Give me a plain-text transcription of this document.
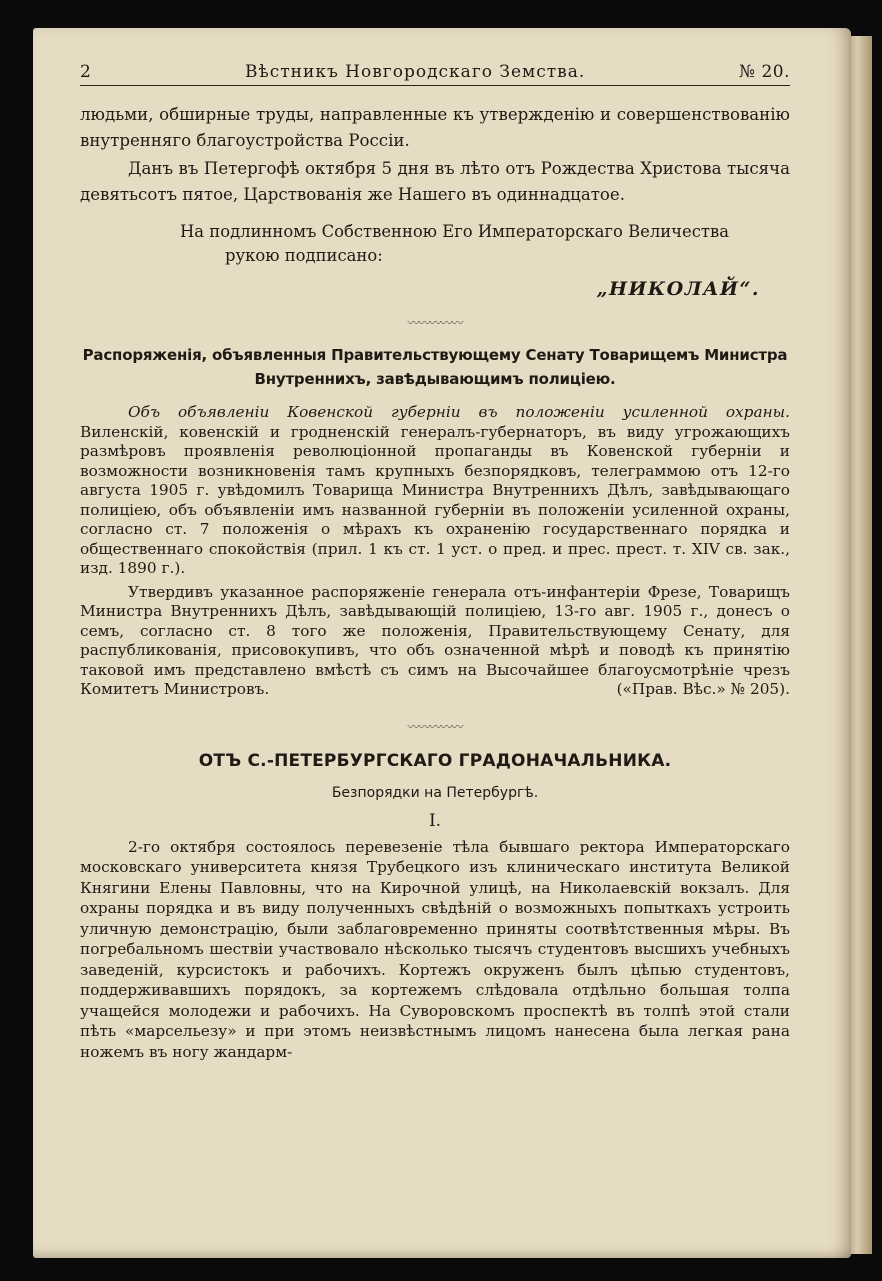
2	Вѣстникъ Новгородскаго Земства.	№ 20.
людьми, обширные труды, направленные къ утвержденію и совершенствованію внутренняго благоустройства Россіи.
Данъ въ Петергофѣ октября 5 дня въ лѣто отъ Рождества Христова тысяча девятьсотъ пятое, Царствованія же Нашего въ одиннадцатое.
На подлинномъ Собственною Его Императорскаго Величества
рукою подписано:
„НИКОЛАЙ“.
〰〰〰〰〰
Распоряженія, объявленныя Правительствующему Сенату Товарищемъ Министра Внутреннихъ, завѣдывающимъ полиціею.

Объ объявленіи Ковенской губерніи въ положеніи усиленной охраны. Виленскій, ковенскій и гродненскій генералъ-губернаторъ, въ виду угрожающихъ размѣровъ проявленія революціонной пропаганды въ Ковенской губерніи и возможности возникновенія тамъ крупныхъ безпорядковъ, телеграммою отъ 12-го августа 1905 г. увѣдомилъ Товарища Министра Внутреннихъ Дѣлъ, завѣдывающаго полиціею, объ объявленіи имъ названной губерніи въ положеніи усиленной охраны, согласно ст. 7 положенія о мѣрахъ къ охраненію государственнаго порядка и общественнаго спокойствія (прил. 1 къ ст. 1 уст. о пред. и прес. прест. т. XIV св. зак., изд. 1890 г.).

Утвердивъ указанное распоряженіе генерала отъ-инфантеріи Фрезе, Товарищъ Министра Внутреннихъ Дѣлъ, завѣдывающій полиціею, 13-го авг. 1905 г., донесъ о семъ, согласно ст. 8 того же положенія, Правительствующему Сенату, для распубликованія, присовокупивъ, что объ означенной мѣрѣ и поводѣ къ принятію таковой имъ представлено вмѣстѣ съ симъ на Высочайшее благоусмотрѣніе чрезъ Комитетъ Министровъ.	(«Прав. Вѣс.» № 205).

〰〰〰〰〰
ОТЪ С.-ПЕТЕРБУРГСКАГО ГРАДОНАЧАЛЬНИКА.
Безпорядки на Петербургѣ.
I.
2-го октября состоялось перевезеніе тѣла бывшаго ректора Императорскаго московскаго университета князя Трубецкого изъ клиническаго института Великой Княгини Елены Павловны, что на Кирочной улицѣ, на Николаевскій вокзалъ. Для охраны порядка и въ виду полученныхъ свѣдѣній о возможныхъ попыткахъ устроить уличную демонстрацію, были заблаговременно приняты соотвѣтственныя мѣры. Въ погребальномъ шествіи участвовало нѣсколько тысячъ студентовъ высшихъ учебныхъ заведеній, курсистокъ и рабочихъ. Кортежъ окруженъ былъ цѣпью студентовъ, поддерживавшихъ порядокъ, за кортежемъ слѣдовала отдѣльно большая толпа учащейся молодежи и рабочихъ. На Суворовскомъ проспектѣ въ толпѣ этой стали пѣть «марсельезу» и при этомъ неизвѣстнымъ лицомъ нанесена была легкая рана ножемъ въ ногу жандарм-
